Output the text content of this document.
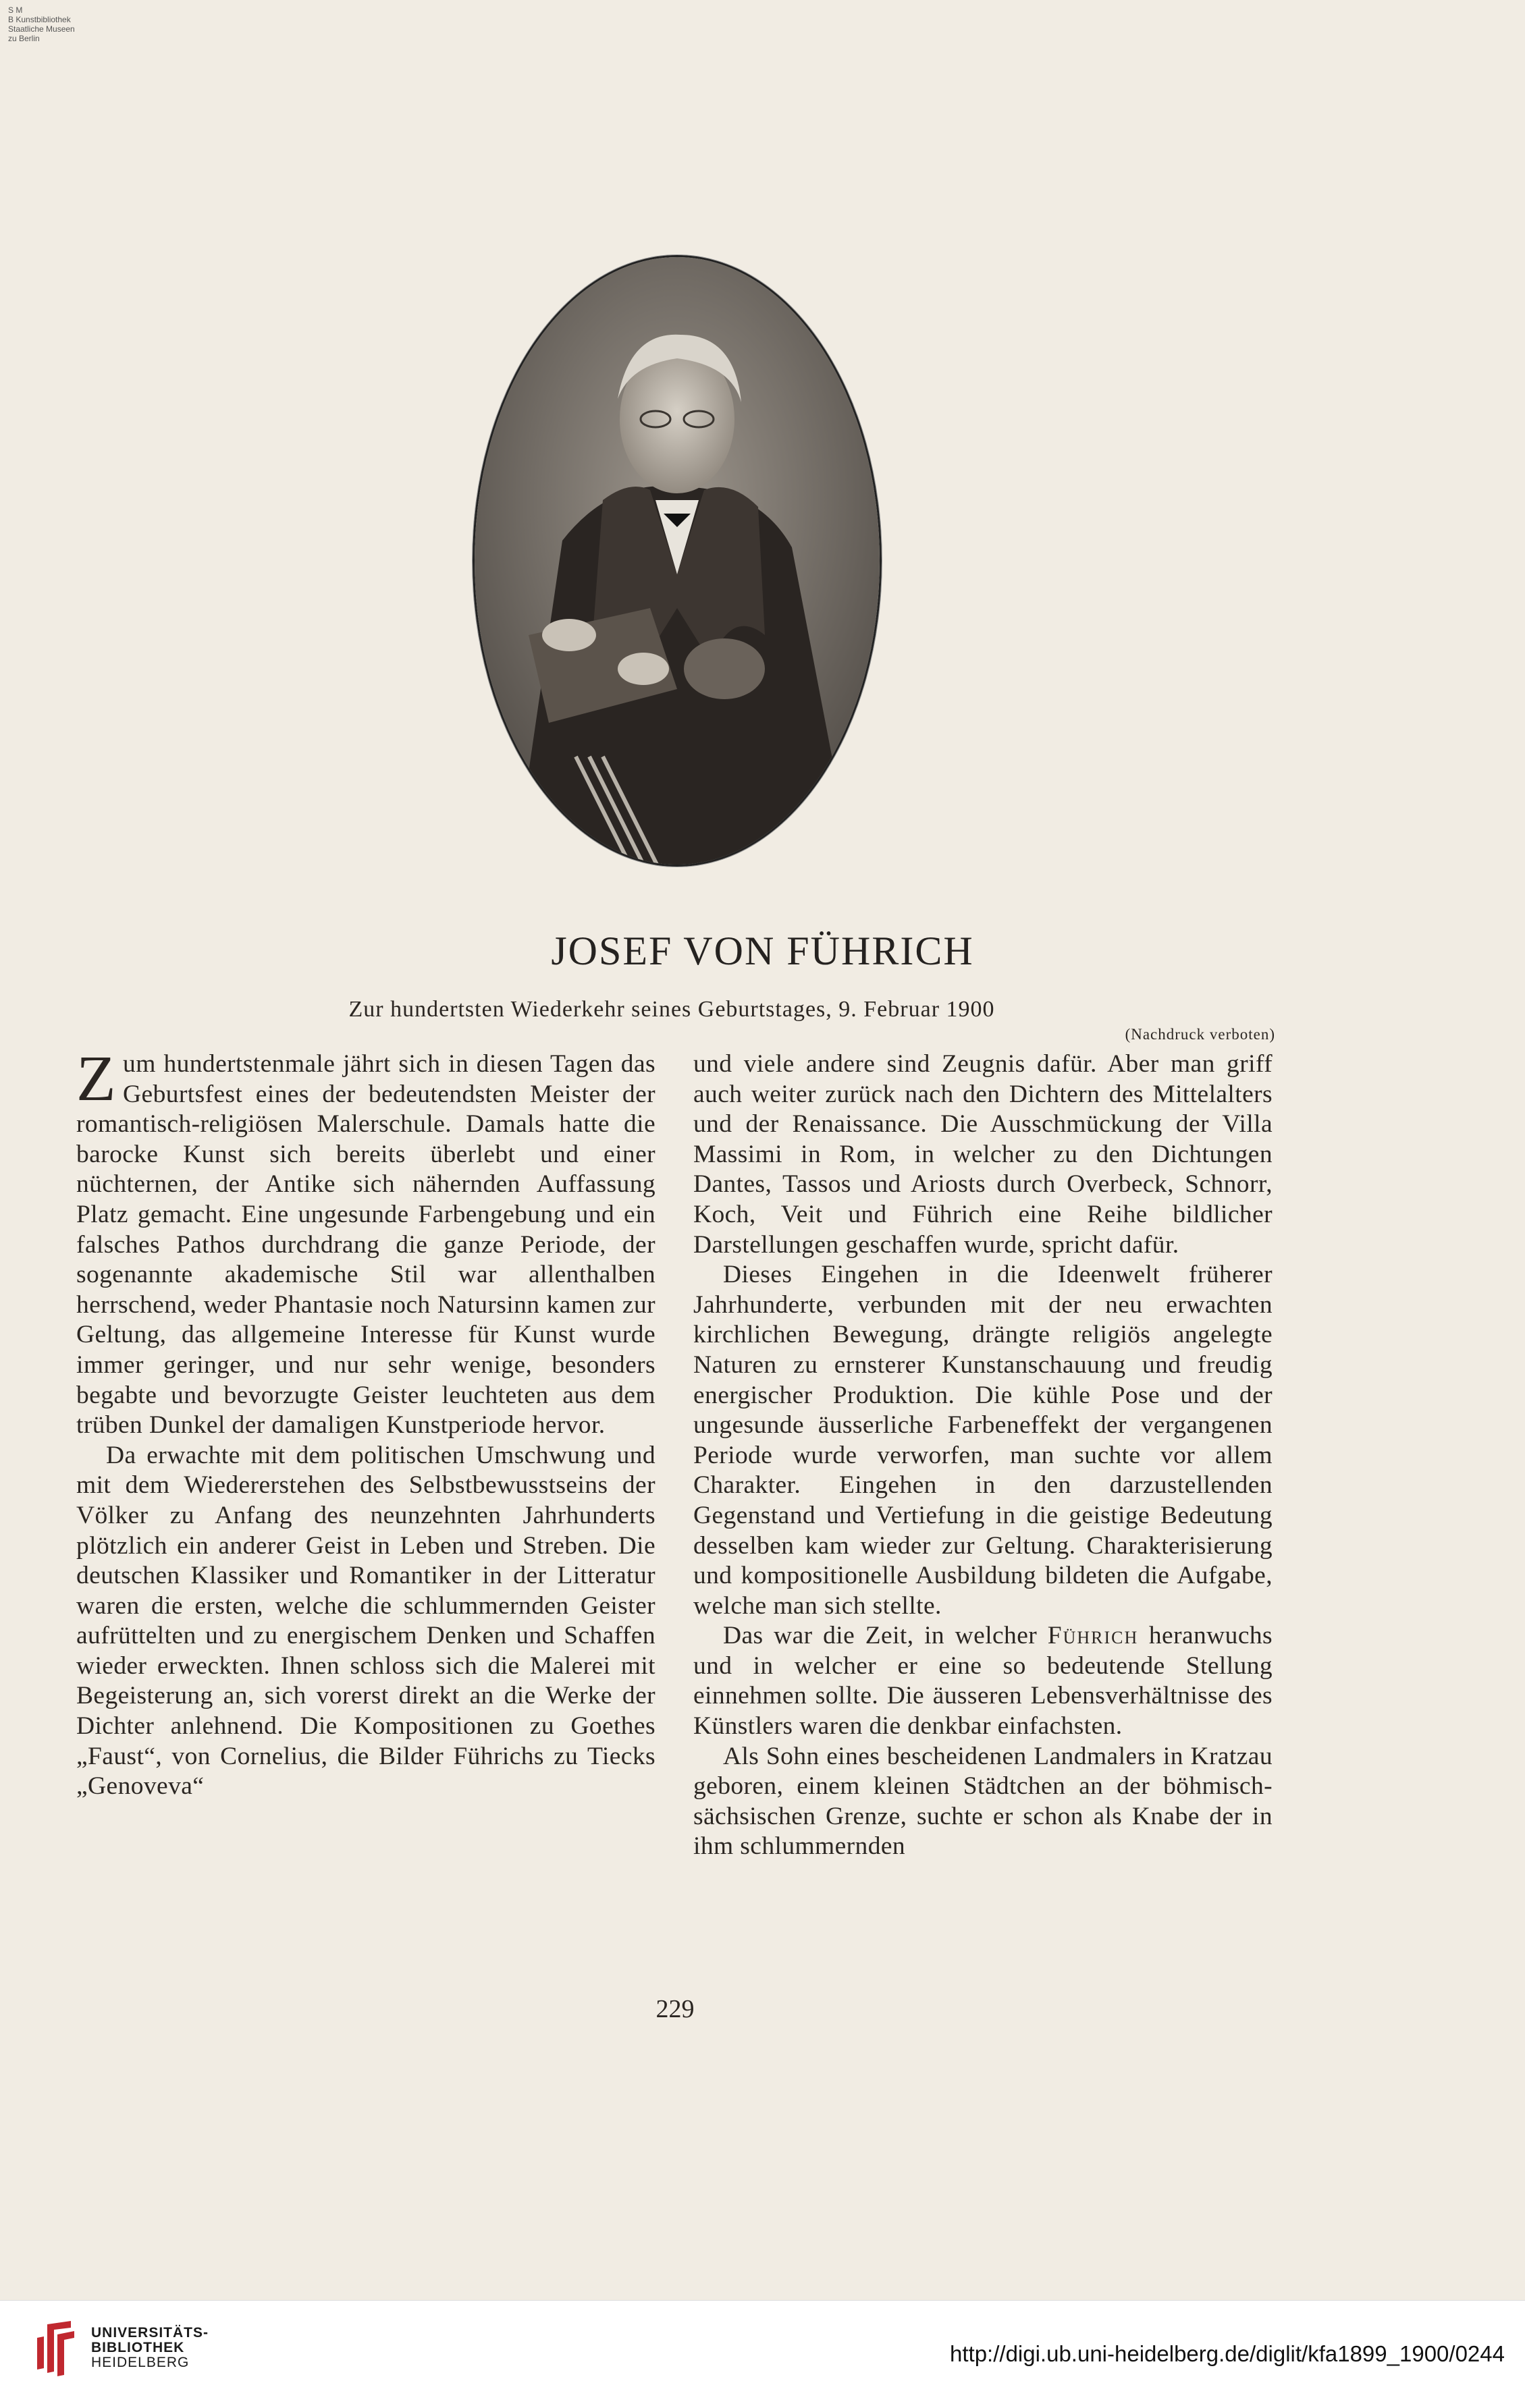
S M
B Kunstbibliothek
Staatliche Museen
zu Berlin
JOSEF VON FÜHRICH
Zur hundertsten Wiederkehr seines Geburtstages, 9. Februar 1900
(Nachdruck verboten)

Zum hundertstenmale jährt sich in diesen Tagen das Geburtsfest eines der bedeutendsten Meister der romantisch-religiösen Malerschule. Damals hatte die barocke Kunst sich bereits überlebt und einer nüchternen, der Antike sich nähernden Auffassung Platz gemacht. Eine ungesunde Farbengebung und ein falsches Pathos durchdrang die ganze Periode, der sogenannte akademische Stil war allenthalben herrschend, weder Phantasie noch Natursinn kamen zur Geltung, das allgemeine Interesse für Kunst wurde immer geringer, und nur sehr wenige, besonders begabte und bevorzugte Geister leuchteten aus dem trüben Dunkel der damaligen Kunstperiode hervor.

Da erwachte mit dem politischen Umschwung und mit dem Wiedererstehen des Selbstbewusstseins der Völker zu Anfang des neunzehnten Jahrhunderts plötzlich ein anderer Geist in Leben und Streben. Die deutschen Klassiker und Romantiker in der Litteratur waren die ersten, welche die schlummernden Geister aufrüttelten und zu energischem Denken und Schaffen wieder erweckten. Ihnen schloss sich die Malerei mit Begeisterung an, sich vorerst direkt an die Werke der Dichter anlehnend. Die Kompositionen zu Goethes „Faust“, von Cornelius, die Bilder Führichs zu Tiecks „Genoveva“

und viele andere sind Zeugnis dafür. Aber man griff auch weiter zurück nach den Dichtern des Mittelalters und der Renaissance. Die Ausschmückung der Villa Massimi in Rom, in welcher zu den Dichtungen Dantes, Tassos und Ariosts durch Overbeck, Schnorr, Koch, Veit und Führich eine Reihe bildlicher Darstellungen geschaffen wurde, spricht dafür.

Dieses Eingehen in die Ideenwelt früherer Jahrhunderte, verbunden mit der neu erwachten kirchlichen Bewegung, drängte religiös angelegte Naturen zu ernsterer Kunstanschauung und freudig energischer Produktion. Die kühle Pose und der ungesunde äusserliche Farbeneffekt der vergangenen Periode wurde verworfen, man suchte vor allem Charakter. Eingehen in den darzustellenden Gegenstand und Vertiefung in die geistige Bedeutung desselben kam wieder zur Geltung. Charakterisierung und kompositionelle Ausbildung bildeten die Aufgabe, welche man sich stellte.

Das war die Zeit, in welcher Führich heranwuchs und in welcher er eine so bedeutende Stellung einnehmen sollte. Die äusseren Lebensverhältnisse des Künstlers waren die denkbar einfachsten.

Als Sohn eines bescheidenen Landmalers in Kratzau geboren, einem kleinen Städtchen an der böhmisch-sächsischen Grenze, suchte er schon als Knabe der in ihm schlummernden

229
UNIVERSITÄTS-
BIBLIOTHEK
HEIDELBERG	http://digi.ub.uni-heidelberg.de/diglit/kfa1899_1900/0244
